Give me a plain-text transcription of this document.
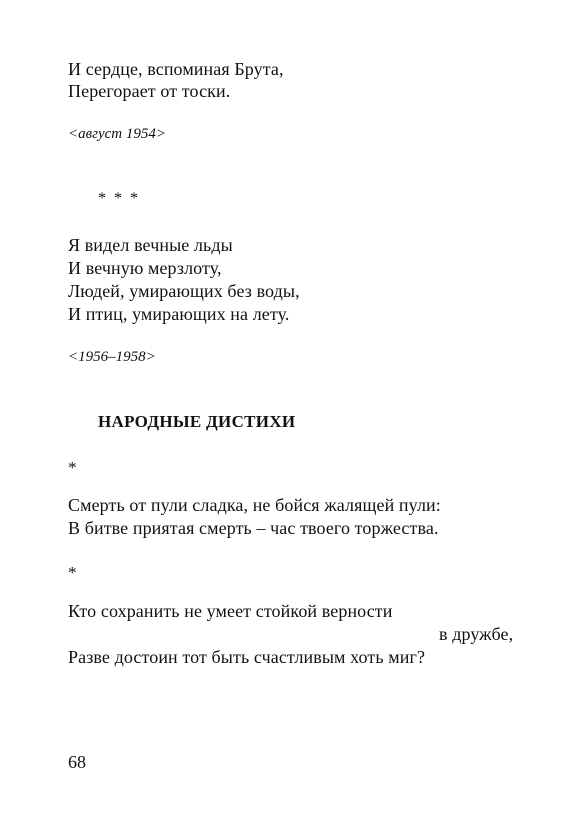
И сердце, вспоминая Брута,
Перегорает от тоски.
<август 1954>
* * *
Я видел вечные льды
И вечную мерзлоту,
Людей, умирающих без воды,
И птиц, умирающих на лету.
<1956–1958>
НАРОДНЫЕ ДИСТИХИ
*
Смерть от пули сладка, не бойся жалящей пули:
В битве приятая смерть – час твоего торжества.
*
Кто сохранить не умеет стойкой верности
в дружбе,
Разве достоин тот быть счастливым хоть миг?
68
